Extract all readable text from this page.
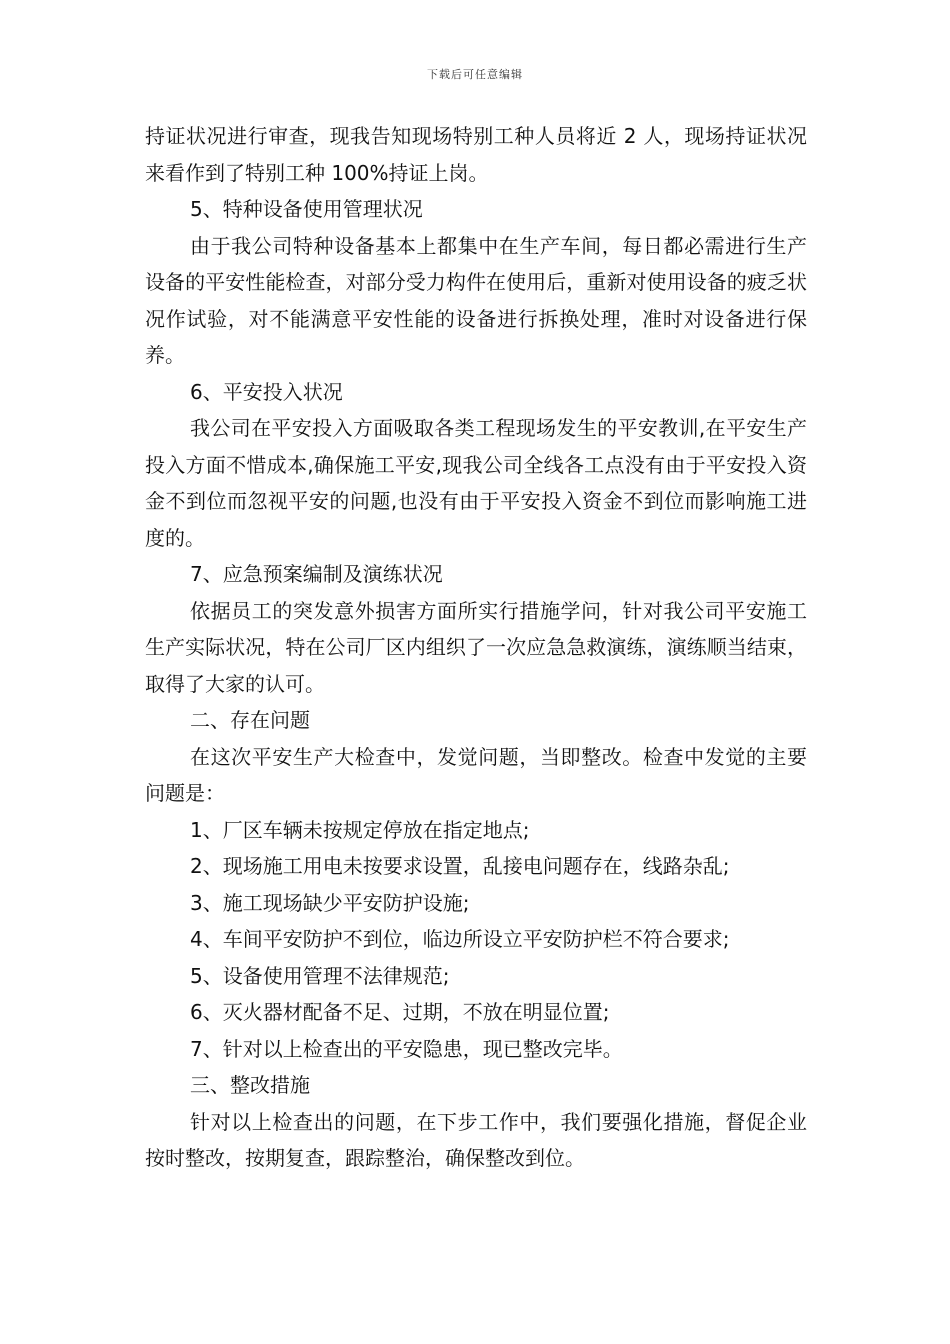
下载后可任意编辑

持证状况进行审查，现我告知现场特别工种人员将近 2 人，现场持证状况来看作到了特别工种 100%持证上岗。

5、特种设备使用管理状况

由于我公司特种设备基本上都集中在生产车间，每日都必需进行生产设备的平安性能检查，对部分受力构件在使用后，重新对使用设备的疲乏状况作试验，对不能满意平安性能的设备进行拆换处理，准时对设备进行保养。

6、平安投入状况

我公司在平安投入方面吸取各类工程现场发生的平安教训,在平安生产投入方面不惜成本,确保施工平安,现我公司全线各工点没有由于平安投入资金不到位而忽视平安的问题,也没有由于平安投入资金不到位而影响施工进度的。

7、应急预案编制及演练状况

依据员工的突发意外损害方面所实行措施学问，针对我公司平安施工生产实际状况，特在公司厂区内组织了一次应急急救演练，演练顺当结束，取得了大家的认可。

二、存在问题

在这次平安生产大检查中，发觉问题，当即整改。检查中发觉的主要问题是：

1、厂区车辆未按规定停放在指定地点;

2、现场施工用电未按要求设置，乱接电问题存在，线路杂乱;

3、施工现场缺少平安防护设施;

4、车间平安防护不到位，临边所设立平安防护栏不符合要求;

5、设备使用管理不法律规范;

6、灭火器材配备不足、过期，不放在明显位置;

7、针对以上检查出的平安隐患，现已整改完毕。

三、整改措施

针对以上检查出的问题，在下步工作中，我们要强化措施，督促企业按时整改，按期复查，跟踪整治，确保整改到位。
